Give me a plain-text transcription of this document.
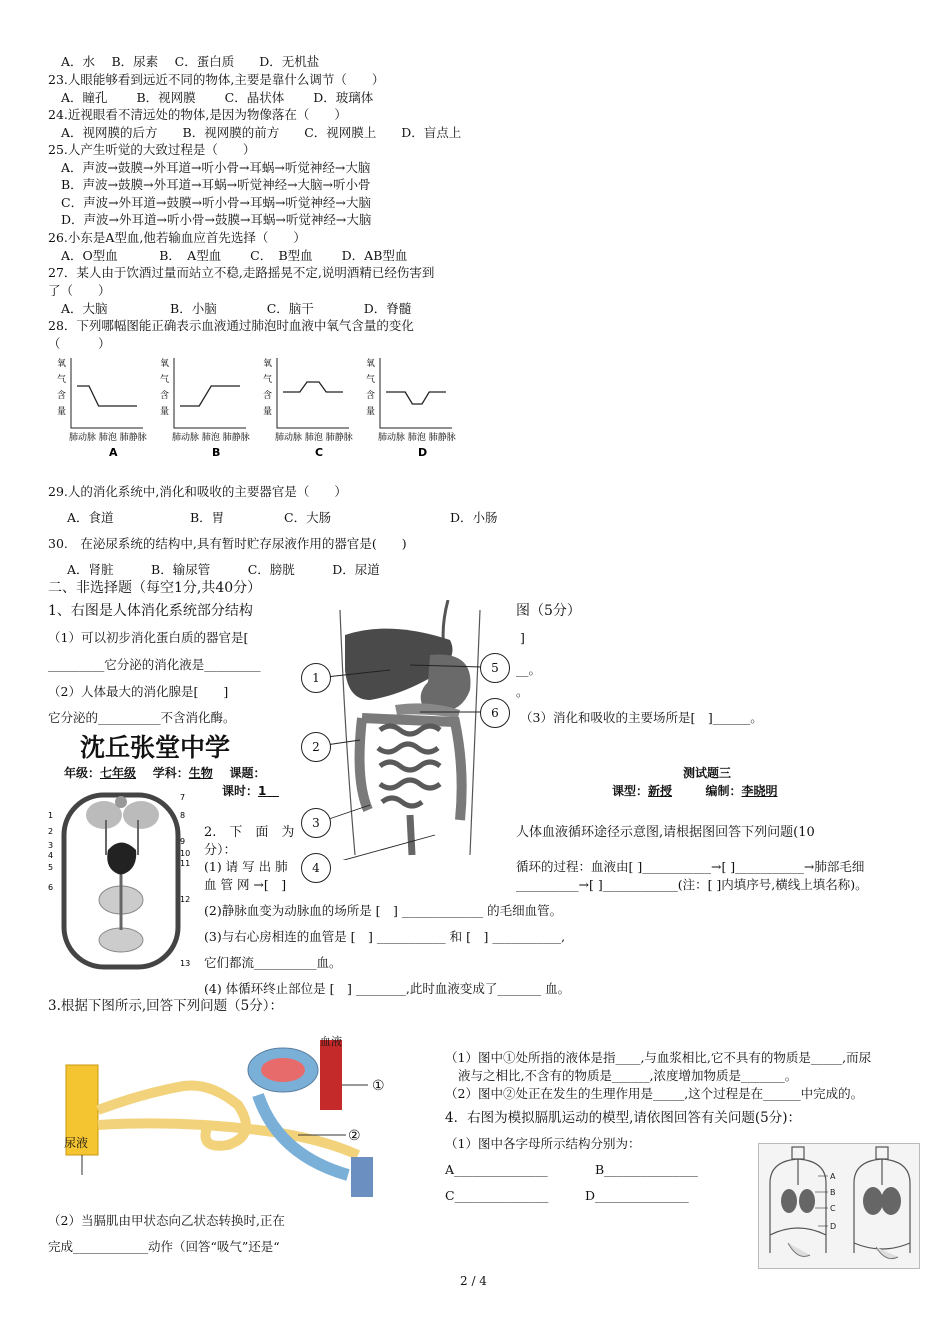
A．水　 B．尿素　 C．蛋白质　　D．无机盐
23.人眼能够看到远近不同的物体,主要是靠什么调节（　　）
A．瞳孔　　 B．视网膜　　 C．晶状体　　 D．玻璃体
24.近视眼看不清远处的物体,是因为物像落在（　　）
A．视网膜的后方　　B．视网膜的前方　　C．视网膜上　　D．盲点上
25.人产生听觉的大致过程是（　　）
A．声波→鼓膜→外耳道→听小骨→耳蜗→听觉神经→大脑
B．声波→鼓膜→外耳道→耳蜗→听觉神经→大脑→听小骨
C．声波→外耳道→鼓膜→听小骨→耳蜗→听觉神经→大脑
D．声波→外耳道→听小骨→鼓膜→耳蜗→听觉神经→大脑
26.小东是A型血,他若输血应首先选择（　　）
A．O型血　　　 B．　A型血　　 C．　B型血　　 D．AB型血
27．某人由于饮酒过量而站立不稳,走路摇晃不定,说明酒精已经伤害到
了（　　）
A．大脑　　　　　B．小脑　　　　C．脑干　　　　D．脊髓
28．下列哪幅图能正确表示血液通过肺泡时血液中氧气含量的变化
（　　　）
氧
气
含
量
肺动脉 肺泡 肺静脉
A
氧
气
含
量
肺动脉 肺泡 肺静脉
B
氧
气
含
量
肺动脉 肺泡 肺静脉
C
氧
气
含
量
肺动脉 肺泡 肺静脉
D
29.人的消化系统中,消化和吸收的主要器官是（　　）
A．食道	B．胃	C．大肠	D．小肠
30.　在泌尿系统的结构中,具有暂时贮存尿液作用的器官是(　　)
A．肾脏　　　B．输尿管　　　C．膀胱　　　D．尿道
二、非选择题（每空1分,共40分）
1、右图是人体消化系统部分结构	图（5分）
（1）可以初步消化蛋白质的器官是[	]
_________它分泌的消化液是_________	__。
（2）人体最大的消化腺是[　　]	。
它分泌的__________不含消化酶。	（3）消化和吸收的主要场所是[　]______。
1
2
3
4
5
6
沈丘张堂中学
年级：七年级 学科：生物 课题：
课时：1
测试题三
课型：新授	编制：李晓明
1
2
3
4
5
6
7
8
9
10
11
12
13
2.　下　面　为	人体血液循环途径示意图,请根据图回答下列问题(10
分）：
(1) 请 写 出 肺	循环的过程：血液由[ ]___________→[ ]___________→肺部毛细
血 管 网 →[　]	__________→[ ]____________(注：[ ]内填序号,横线上填名称)。
(2)静脉血变为动脉血的场所是 [　] _____________ 的毛细血管。
(3)与右心房相连的血管是 [　] ___________ 和 [　] ___________,
它们都流__________血。
(4) 体循环终止部位是 [　] ________,此时血液变成了_______ 血。
3.根据下图所示,回答下列问题（5分）：
血液
①
②
尿液
（1）图中①处所指的液体是指____,与血浆相比,它不具有的物质是_____,而尿
液与之相比,不含有的物质是______,浓度增加物质是_______。
（2）图中②处正在发生的生理作用是_____,这个过程是在______中完成的。
4．右图为模拟膈肌运动的模型,请依图回答有关问题(5分)：
（1）图中各字母所示结构分别为：
A_______________	B_______________
C_______________	D_______________
（2）当膈肌由甲状态向乙状态转换时,正在
完成____________动作（回答“吸气”还是“
A
B
C
D
2 / 4
